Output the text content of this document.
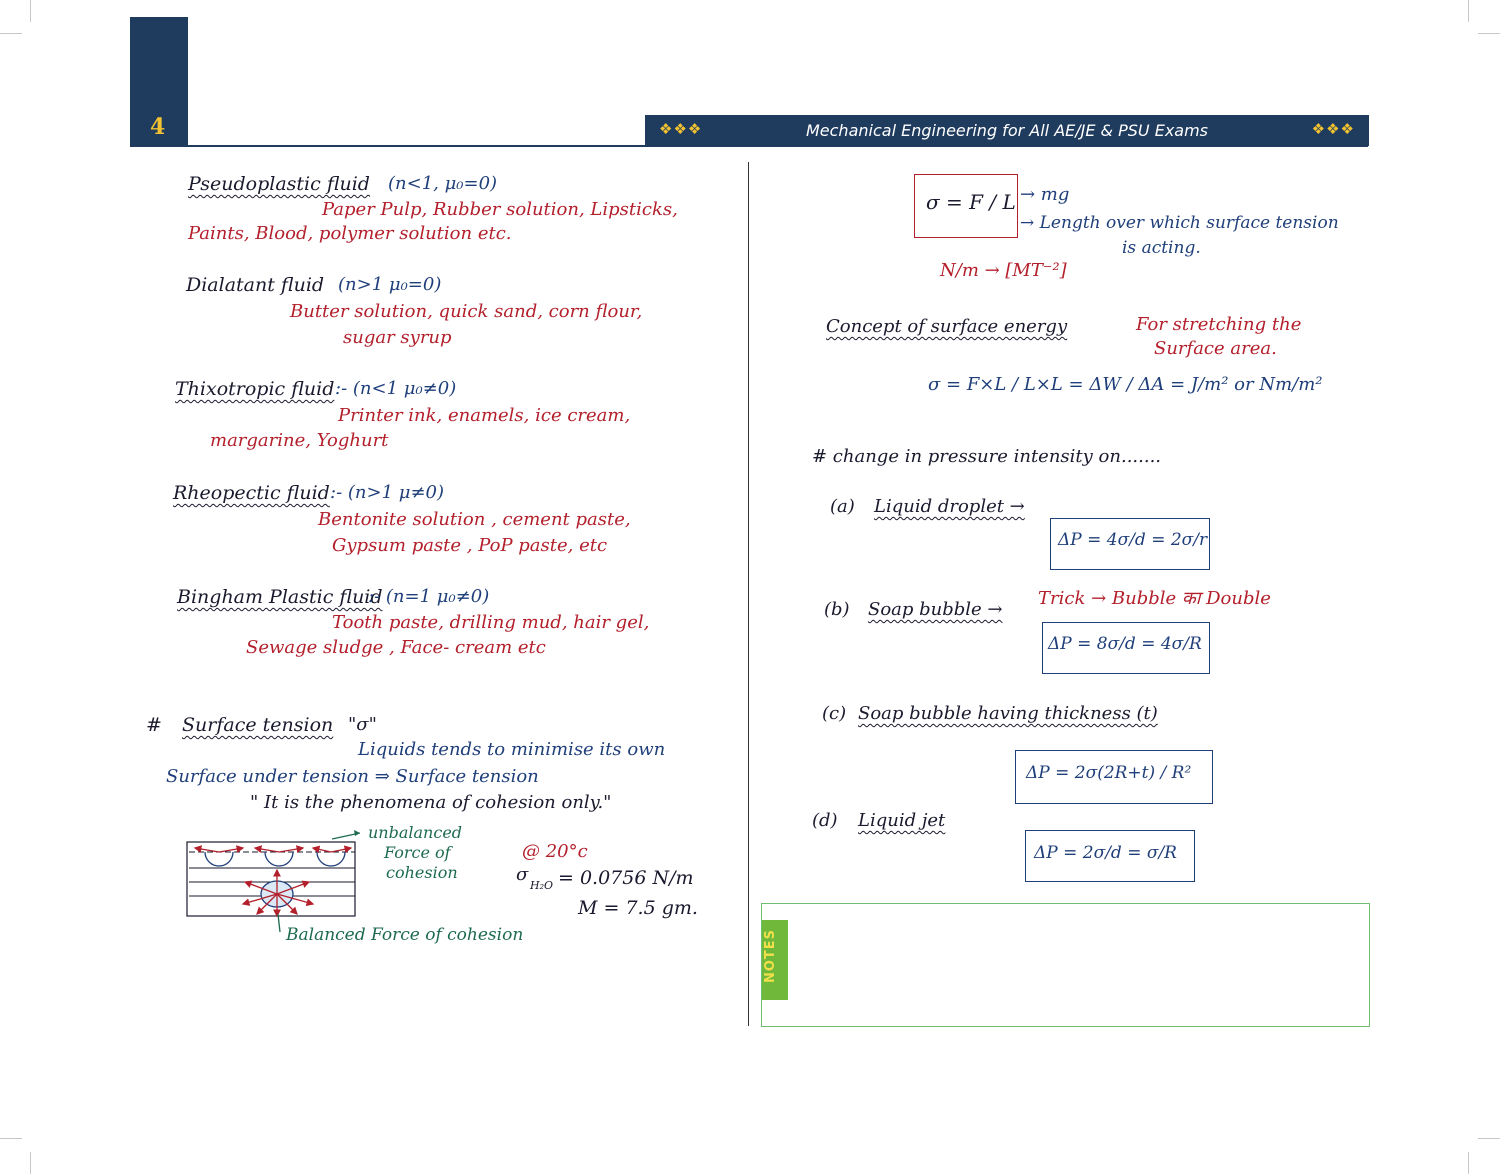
4	❖❖❖	Mechanical Engineering for All AE/JE & PSU Exams	❖❖❖
Pseudoplastic fluid (n<1, μ₀=0)
Paper Pulp, Rubber solution, Lipsticks,
Paints, Blood, polymer solution etc.
Dialatant fluid (n>1 μ₀=0)
Butter solution, quick sand, corn flour,
sugar syrup
Thixotropic fluid :- (n<1 μ₀≠0)
Printer ink, enamels, ice cream,
margarine, Yoghurt
Rheopectic fluid :- (n>1 μ≠0)
Bentonite solution , cement paste,
Gypsum paste , PoP paste, etc
Bingham Plastic fluid
:- (n=1 μ₀≠0)
Tooth paste, drilling mud, hair gel,
Sewage sludge , Face- cream etc
# Surface tension "σ"
Liquids tends to minimise its own
Surface under tension ⇒ Surface tension
" It is the phenomena of cohesion only."
unbalanced
Force of
cohesion
Balanced Force of cohesion
@ 20°c
σ
H₂O = 0.0756 N/m
M = 7.5 gm.
σ = F / L → mg
→ Length over which surface tension
is acting.
N/m → [MT⁻²]
Concept of surface energy	For stretching the
Surface area.
σ = F×L / L×L = ΔW / ΔA = J/m² or Nm/m²
# change in pressure intensity on.......
(a) Liquid droplet →
ΔP = 4σ/d = 2σ/r
(b) Soap bubble →
Trick → Bubble का Double
ΔP = 8σ/d = 4σ/R
(c) Soap bubble having thickness (t)
ΔP = 2σ(2R+t) / R²
(d) Liquid jet
ΔP = 2σ/d = σ/R
NOTES
